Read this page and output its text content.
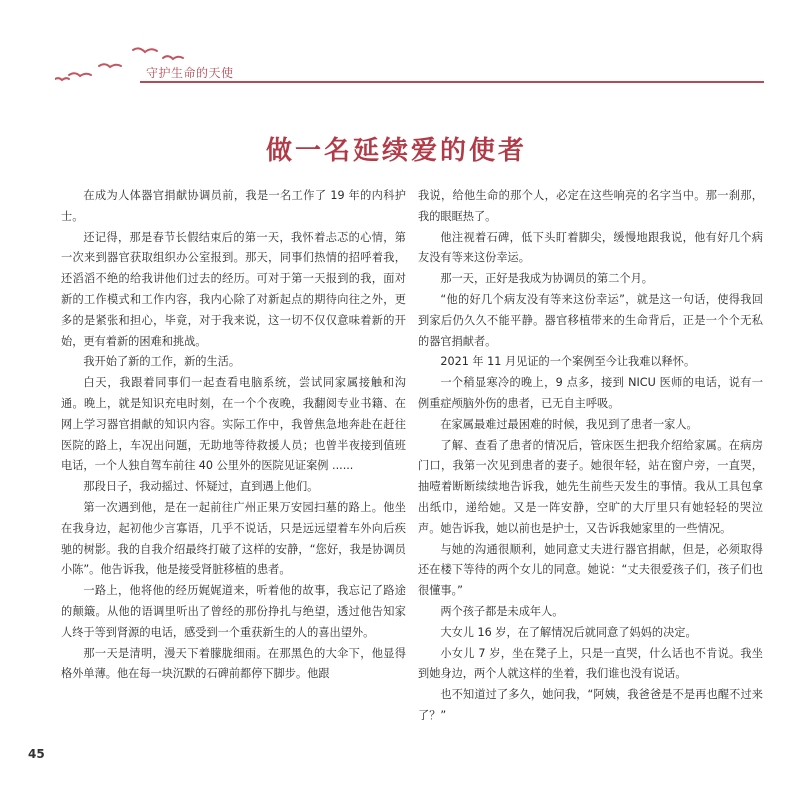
守护生命的天使
做一名延续爱的使者

在成为人体器官捐献协调员前，我是一名工作了 19 年的内科护士。

还记得，那是春节长假结束后的第一天，我怀着忐忑的心情，第一次来到器官获取组织办公室报到。那天，同事们热情的招呼着我，还滔滔不绝的给我讲他们过去的经历。可对于第一天报到的我，面对新的工作模式和工作内容，我内心除了对新起点的期待向往之外，更多的是紧张和担心，毕竟，对于我来说，这一切不仅仅意味着新的开始，更有着新的困难和挑战。

我开始了新的工作，新的生活。

白天，我跟着同事们一起查看电脑系统，尝试同家属接触和沟通。晚上，就是知识充电时刻，在一个个夜晚，我翻阅专业书籍、在网上学习器官捐献的知识内容。实际工作中，我曾焦急地奔赴在赶往医院的路上，车况出问题，无助地等待救援人员；也曾半夜接到值班电话，一个人独自驾车前往 40 公里外的医院见证案例 ......

那段日子，我动摇过、怀疑过，直到遇上他们。

第一次遇到他，是在一起前往广州正果万安园扫墓的路上。他坐在我身边，起初他少言寡语，几乎不说话，只是远远望着车外向后疾驰的树影。我的自我介绍最终打破了这样的安静，“您好，我是协调员小陈”。他告诉我，他是接受肾脏移植的患者。

一路上，他将他的经历娓娓道来，听着他的故事，我忘记了路途的颠簸。从他的语调里听出了曾经的那份挣扎与绝望，透过他告知家人终于等到肾源的电话，感受到一个重获新生的人的喜出望外。

那一天是清明，漫天下着朦胧细雨。在那黑色的大伞下，他显得格外单薄。他在每一块沉默的石碑前都停下脚步。他跟

我说，给他生命的那个人，必定在这些响亮的名字当中。那一刹那，我的眼眶热了。

他注视着石碑，低下头盯着脚尖，缓慢地跟我说，他有好几个病友没有等来这份幸运。

那一天，正好是我成为协调员的第二个月。

“他的好几个病友没有等来这份幸运”，就是这一句话，使得我回到家后仍久久不能平静。器官移植带来的生命背后，正是一个个无私的器官捐献者。

2021 年 11 月见证的一个案例至今让我难以释怀。

一个稍显寒冷的晚上，9 点多，接到 NICU 医师的电话，说有一例重症颅脑外伤的患者，已无自主呼吸。

在家属最难过最困难的时候，我见到了患者一家人。

了解、查看了患者的情况后，管床医生把我介绍给家属。在病房门口，我第一次见到患者的妻子。她很年轻，站在窗户旁，一直哭，抽噎着断断续续地告诉我，她先生前些天发生的事情。我从工具包拿出纸巾，递给她。又是一阵安静，空旷的大厅里只有她轻轻的哭泣声。她告诉我，她以前也是护士，又告诉我她家里的一些情况。

与她的沟通很顺利，她同意丈夫进行器官捐献，但是，必须取得还在楼下等待的两个女儿的同意。她说：“丈夫很爱孩子们，孩子们也很懂事。”

两个孩子都是未成年人。

大女儿 16 岁，在了解情况后就同意了妈妈的决定。

小女儿 7 岁，坐在凳子上，只是一直哭，什么话也不肯说。我坐到她身边，两个人就这样的坐着，我们谁也没有说话。

也不知道过了多久，她问我，“阿姨，我爸爸是不是再也醒不过来了？”

45
